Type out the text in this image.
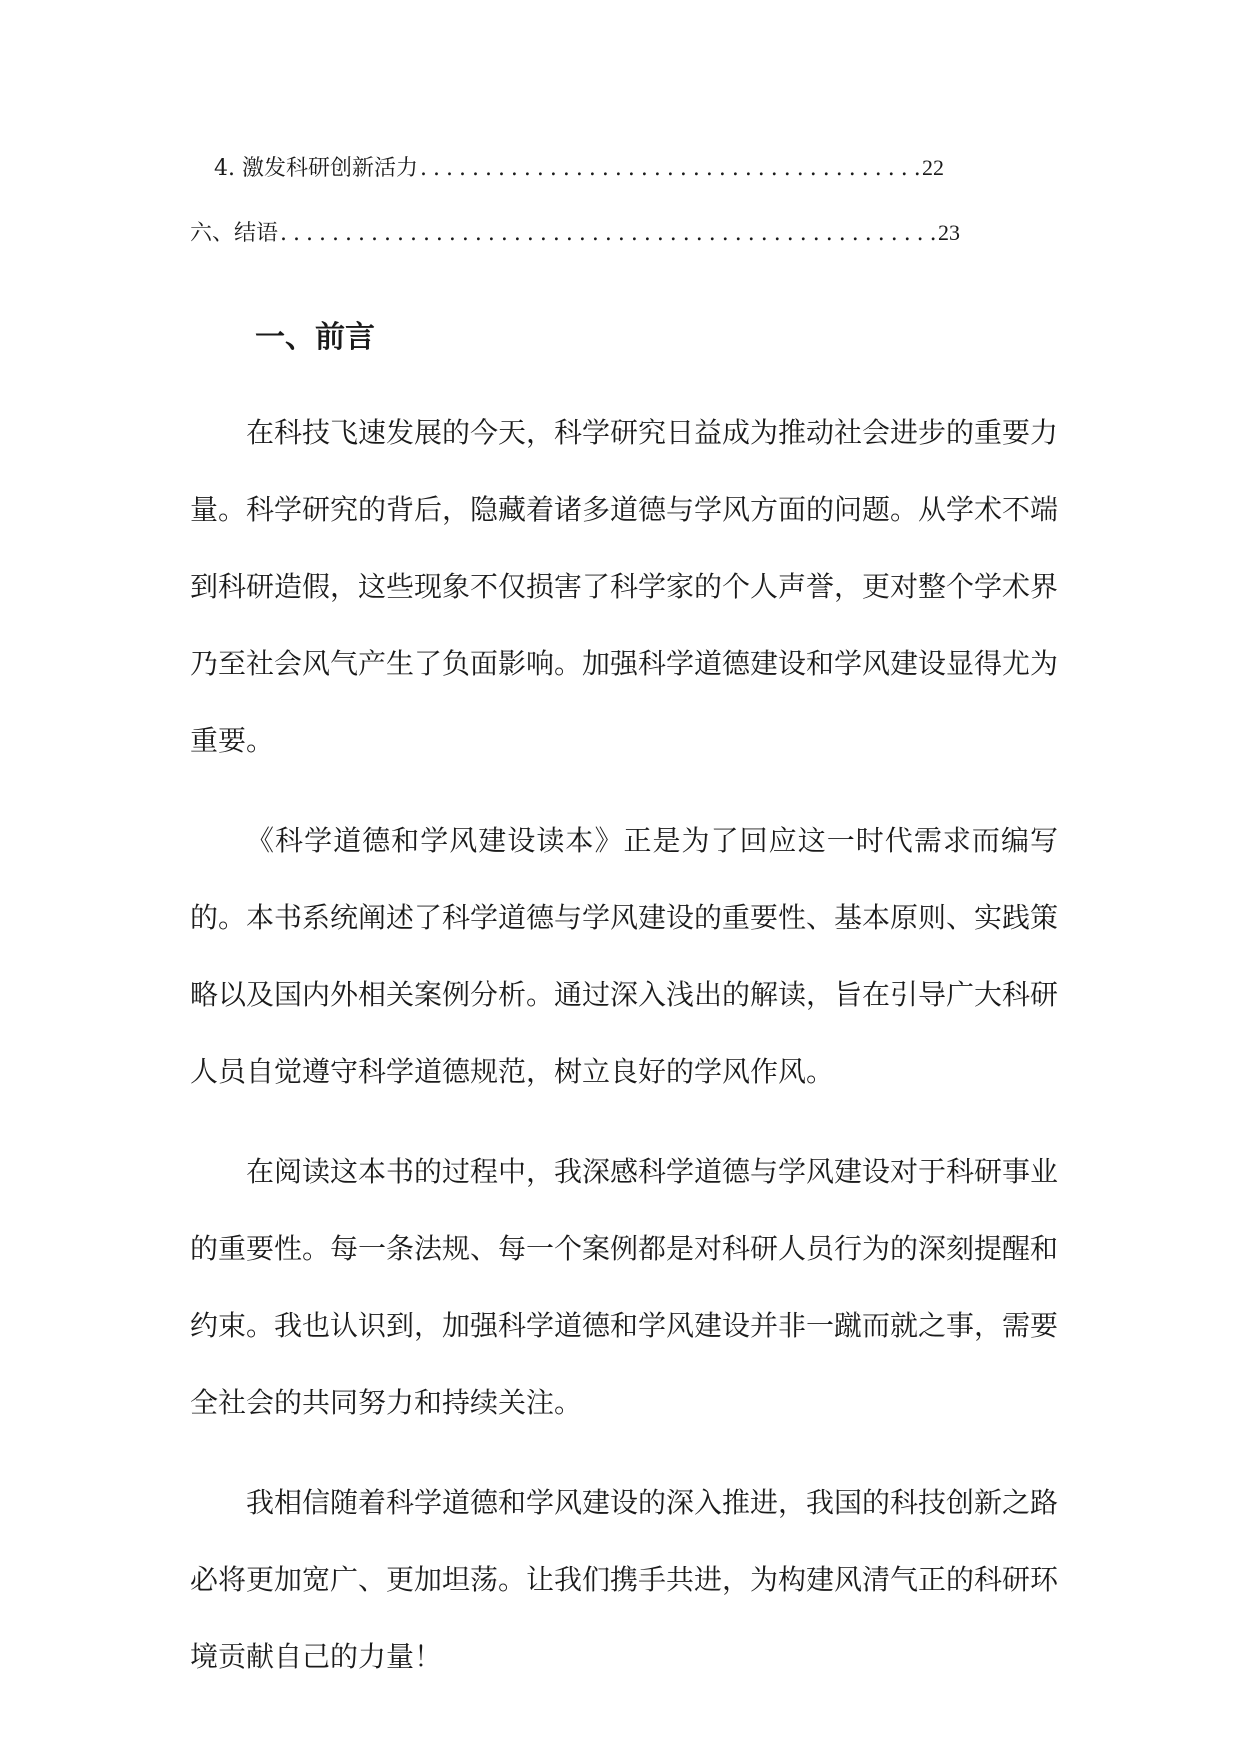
4. 激发科研创新活力 .....	22
六、结语 .....	23
一、前言

在科技飞速发展的今天，科学研究日益成为推动社会进步的重要力量。科学研究的背后，隐藏着诸多道德与学风方面的问题。从学术不端到科研造假，这些现象不仅损害了科学家的个人声誉，更对整个学术界乃至社会风气产生了负面影响。加强科学道德建设和学风建设显得尤为重要。

《科学道德和学风建设读本》正是为了回应这一时代需求而编写的。本书系统阐述了科学道德与学风建设的重要性、基本原则、实践策略以及国内外相关案例分析。通过深入浅出的解读，旨在引导广大科研人员自觉遵守科学道德规范，树立良好的学风作风。

在阅读这本书的过程中，我深感科学道德与学风建设对于科研事业的重要性。每一条法规、每一个案例都是对科研人员行为的深刻提醒和约束。我也认识到，加强科学道德和学风建设并非一蹴而就之事，需要全社会的共同努力和持续关注。

我相信随着科学道德和学风建设的深入推进，我国的科技创新之路必将更加宽广、更加坦荡。让我们携手共进，为构建风清气正的科研环境贡献自己的力量！
